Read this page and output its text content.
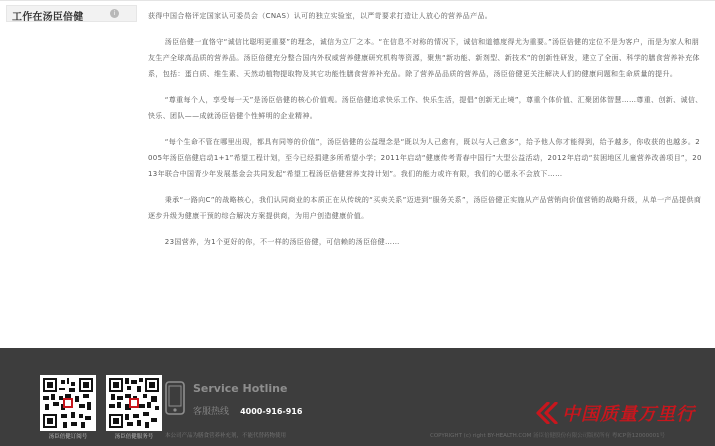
工作在汤臣倍健	i	获得中国合格评定国家认可委员会（CNAS）认可的独立实验室，以严苛要求打造让人放心的营养品产品。

汤臣倍健一直恪守“诚信比聪明更重要”的理念，诚信为立厂之本。“在信息不对称的情况下，诚信和道德度得尤为重要。”汤臣倍健的定位不是为客户，而是为家人和朋友生产全球高品质的营养品。汤臣倍健充分整合国内外权威营养健康研究机构等资源，聚焦“新功能、新剂型、新技术”的创新性研发，建立了全面、科学的膳食营养补充体系，包括：蛋白质、维生素、天然动植物提取物及其它功能性膳食营养补充品。除了营养品品质的营养品，汤臣倍健更关注解决人们的健康问题和生命质量的提升。

“尊重每个人，享受每一天”是汤臣倍健的核心价值观。汤臣倍健追求快乐工作、快乐生活，提倡“创新无止境”，尊重个体价值、汇聚团体智慧……尊重、创新、诚信、快乐、团队——成就汤臣倍健个性鲜明的企业精神。

“每个生命不管在哪里出现，都具有同等的价值”，汤臣倍健的公益理念是“既以为人己愈有，既以与人己愈多”，给予他人你才能得到，给予越多，你收获的也越多。2005年汤臣倍健启动1+1”希望工程计划，至今已经捐建多所希望小学；2011年启动“健康传考青春中国行”大型公益活动，2012年启动“贫困地区儿童营养改善项目”，2013年联合中国青少年发展基金会共同发起“希望工程汤臣倍健营养支持计划”。我们的能力或许有限，我们的心愿永不会放下……

秉承“一路向C”的战略核心，我们认同商业的本质正在从传统的“买卖关系”迈进到“服务关系”，汤臣倍健正实施从产品营销向价值营销的战略升级，从单一产品提供商逐步升级为健康干预的综合解决方案提供商，为用户创造健康价值。

23国营养，为1个更好的你，不一样的汤臣倍健，可信赖的汤臣倍健……

汤臣倍健订阅号	汤臣倍健服务号
Service Hotline
客服热线 4000-916-916
本公司产品为膳食营养补充剂，不能代替药物使用	COPYRIGHT (c) right BY-HEALTH.COM 汤臣倍健股份有限公司版权所有 粤ICP备12000001号
中国质量万里行
